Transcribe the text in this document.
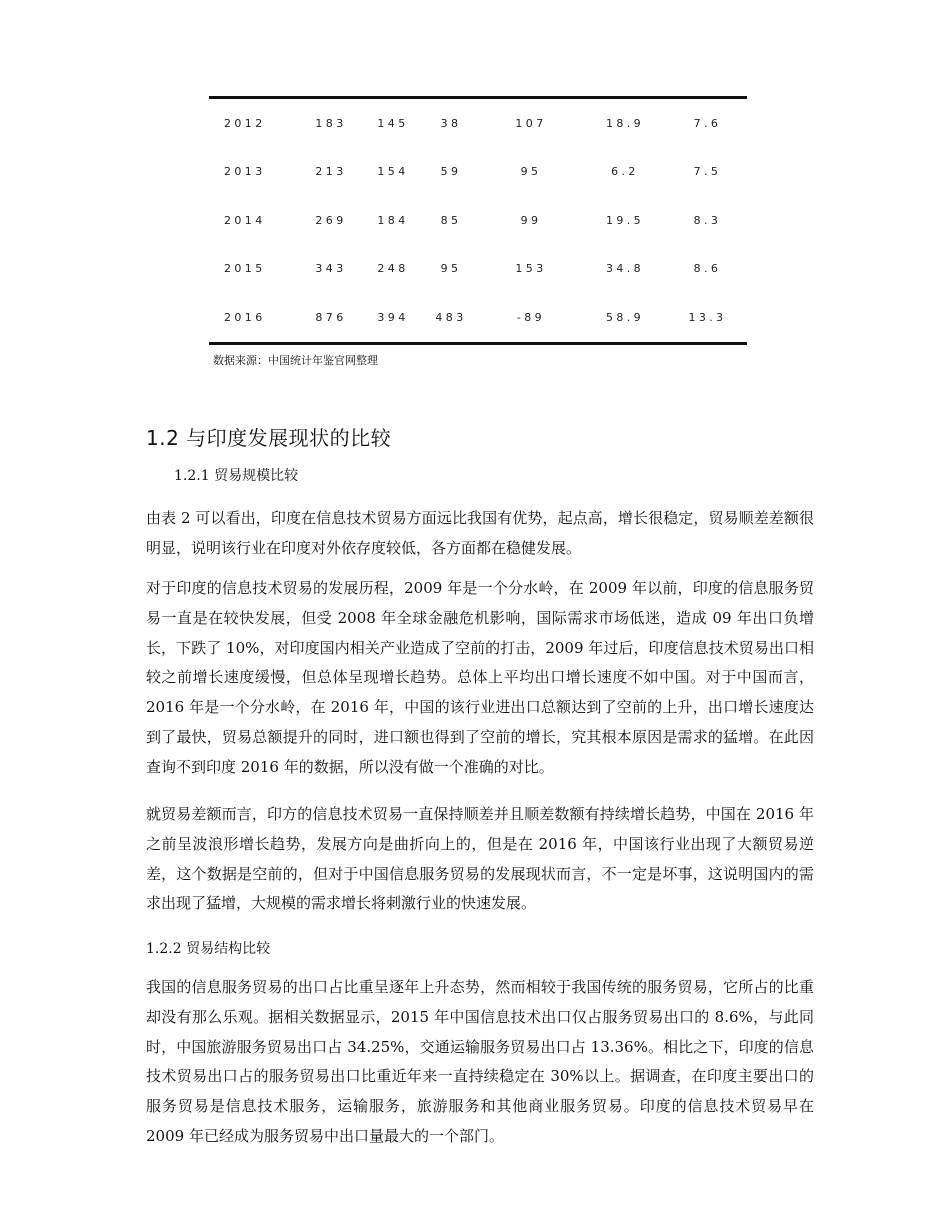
2012	183	145	38	107	18.9	7.6
2013	213	154	59	95	6.2	7.5
2014	269	184	85	99	19.5	8.3
2015	343	248	95	153	34.8	8.6
2016	876	394	483	-89	58.9	13.3
数据来源：中国统计年鉴官网整理
1.2 与印度发展现状的比较
1.2.1 贸易规模比较

由表 2 可以看出，印度在信息技术贸易方面远比我国有优势，起点高，增长很稳定，贸易顺差差额很明显，说明该行业在印度对外依存度较低，各方面都在稳健发展。

对于印度的信息技术贸易的发展历程，2009 年是一个分水岭，在 2009 年以前，印度的信息服务贸易一直是在较快发展，但受 2008 年全球金融危机影响，国际需求市场低迷，造成 09 年出口负增长，下跌了 10%，对印度国内相关产业造成了空前的打击，2009 年过后，印度信息技术贸易出口相较之前增长速度缓慢，但总体呈现增长趋势。总体上平均出口增长速度不如中国。对于中国而言，2016 年是一个分水岭，在 2016 年，中国的该行业进出口总额达到了空前的上升，出口增长速度达到了最快，贸易总额提升的同时，进口额也得到了空前的增长，究其根本原因是需求的猛增。在此因查询不到印度 2016 年的数据，所以没有做一个准确的对比。

就贸易差额而言，印方的信息技术贸易一直保持顺差并且顺差数额有持续增长趋势，中国在 2016 年之前呈波浪形增长趋势，发展方向是曲折向上的，但是在 2016 年，中国该行业出现了大额贸易逆差，这个数据是空前的，但对于中国信息服务贸易的发展现状而言，不一定是坏事，这说明国内的需求出现了猛增，大规模的需求增长将刺激行业的快速发展。

1.2.2 贸易结构比较

我国的信息服务贸易的出口占比重呈逐年上升态势，然而相较于我国传统的服务贸易，它所占的比重却没有那么乐观。据相关数据显示，2015 年中国信息技术出口仅占服务贸易出口的 8.6%，与此同时，中国旅游服务贸易出口占 34.25%，交通运输服务贸易出口占 13.36%。相比之下，印度的信息技术贸易出口占的服务贸易出口比重近年来一直持续稳定在 30%以上。据调查，在印度主要出口的服务贸易是信息技术服务，运输服务，旅游服务和其他商业服务贸易。印度的信息技术贸易早在 2009 年已经成为服务贸易中出口量最大的一个部门。
